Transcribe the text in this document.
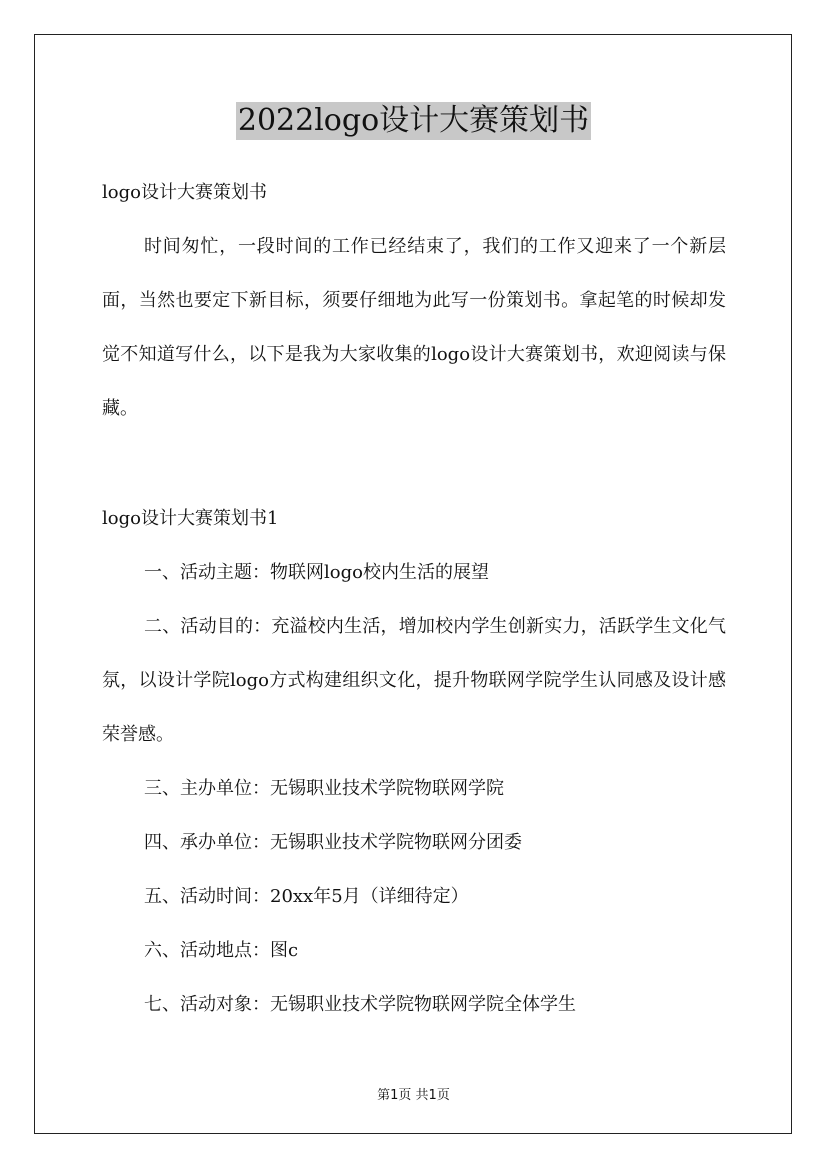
2022logo设计大赛策划书

logo设计大赛策划书

时间匆忙，一段时间的工作已经结束了，我们的工作又迎来了一个新层面，当然也要定下新目标，须要仔细地为此写一份策划书。拿起笔的时候却发觉不知道写什么，以下是我为大家收集的logo设计大赛策划书，欢迎阅读与保藏。

logo设计大赛策划书1

一、活动主题：物联网logo校内生活的展望

二、活动目的：充溢校内生活，增加校内学生创新实力，活跃学生文化气氛，以设计学院logo方式构建组织文化，提升物联网学院学生认同感及设计感荣誉感。

三、主办单位：无锡职业技术学院物联网学院

四、承办单位：无锡职业技术学院物联网分团委

五、活动时间：20xx年5月（详细待定）

六、活动地点：图c

七、活动对象：无锡职业技术学院物联网学院全体学生

第1页 共1页
